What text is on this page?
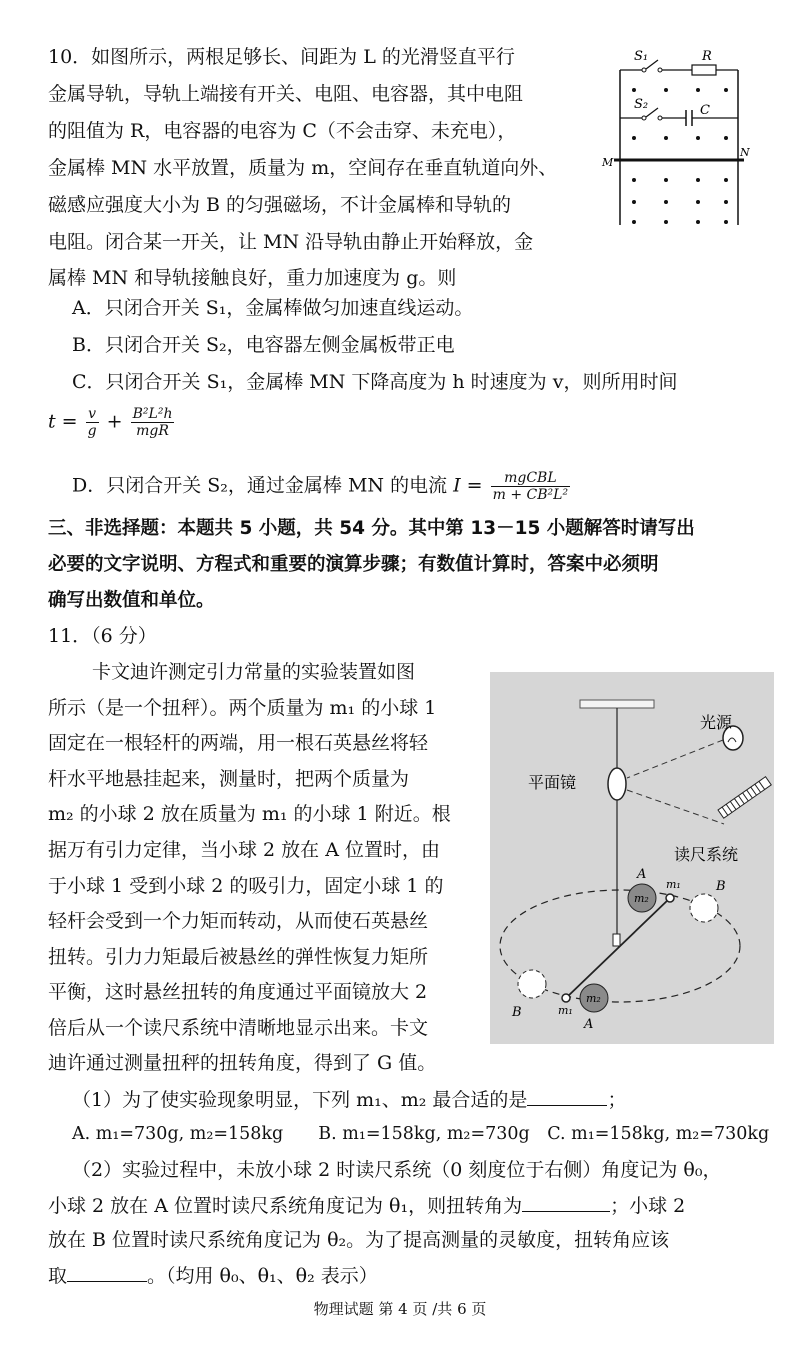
10．如图所示，两根足够长、间距为 L 的光滑竖直平行
金属导轨，导轨上端接有开关、电阻、电容器，其中电阻
的阻值为 R，电容器的电容为 C（不会击穿、未充电），
金属棒 MN 水平放置，质量为 m，空间存在垂直轨道向外、
磁感应强度大小为 B 的匀强磁场，不计金属棒和导轨的
电阻。闭合某一开关，让 MN 沿导轨由静止开始释放，金
属棒 MN 和导轨接触良好，重力加速度为 g。则
A．只闭合开关 S₁，金属棒做匀加速直线运动。
B．只闭合开关 S₂，电容器左侧金属板带正电
C．只闭合开关 S₁，金属棒 MN 下降高度为 h 时速度为 v，则所用时间
$t = \frac{v}{g} + \frac{\text{B²L²h}}{\text{mgR}}$
D．只闭合开关 S₂，通过金属棒 MN 的电流 $I = \frac{\text{mgCBL}}{\text{m + CB²L²}}$
S₁	R
S₂	C
M
N
三、非选择题：本题共 5 小题，共 54 分。其中第 13－15 小题解答时请写出
必要的文字说明、方程式和重要的演算步骤；有数值计算时，答案中必须明
确写出数值和单位。
11．（6 分）
卡文迪许测定引力常量的实验装置如图
所示（是一个扭秤）。两个质量为 m₁ 的小球 1
固定在一根轻杆的两端，用一根石英悬丝将轻
杆水平地悬挂起来，测量时，把两个质量为
m₂ 的小球 2 放在质量为 m₁ 的小球 1 附近。根
据万有引力定律，当小球 2 放在 A 位置时，由
于小球 1 受到小球 2 的吸引力，固定小球 1 的
轻杆会受到一个力矩而转动，从而使石英悬丝
扭转。引力力矩最后被悬丝的弹性恢复力矩所
平衡，这时悬丝扭转的角度通过平面镜放大 2
倍后从一个读尺系统中清晰地显示出来。卡文
迪许通过测量扭秤的扭转角度，得到了 G 值。
（1）为了使实验现象明显，下列 m₁、m₂ 最合适的是	；
A. m₁=730g, m₂=158kg　　B. m₁=158kg, m₂=730g　C. m₁=158kg, m₂=730kg
（2）实验过程中，未放小球 2 时读尺系统（0 刻度位于右侧）角度记为 θ₀，
小球 2 放在 A 位置时读尺系统角度记为 θ₁，则扭转角为	；小球 2
放在 B 位置时读尺系统角度记为 θ₂。为了提高测量的灵敏度，扭转角应该
取	。（均用 θ₀、θ₁、θ₂ 表示）
光源
平面镜
读尺系统
A
m₁
m₂
B
B	m₁
m₂
A
物理试题 第 4 页 /共 6 页
